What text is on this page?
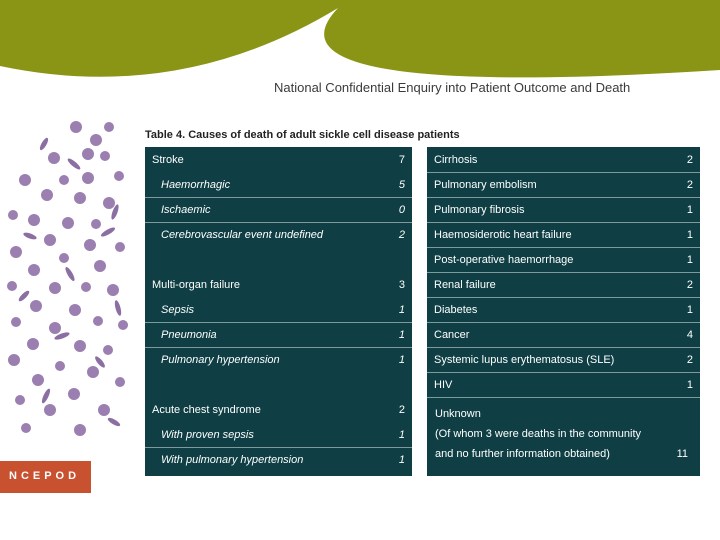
National Confidential Enquiry into Patient Outcome and Death
Table 4. Causes of death of adult sickle cell disease patients
Stroke	7
Haemorrhagic	5
Ischaemic	0
Cerebrovascular event undefined	2
Multi-organ failure	3
Sepsis	1
Pneumonia	1
Pulmonary hypertension	1
Acute chest syndrome	2
With proven sepsis	1
With pulmonary hypertension	1
Cirrhosis	2
Pulmonary embolism	2
Pulmonary fibrosis	1
Haemosiderotic heart failure	1
Post-operative haemorrhage	1
Renal failure	2
Diabetes	1
Cancer	4
Systemic lupus erythematosus (SLE)	2
HIV	1
Unknown
(Of whom 3 were deaths in the community
and no further information obtained)	11
NCEPOD
